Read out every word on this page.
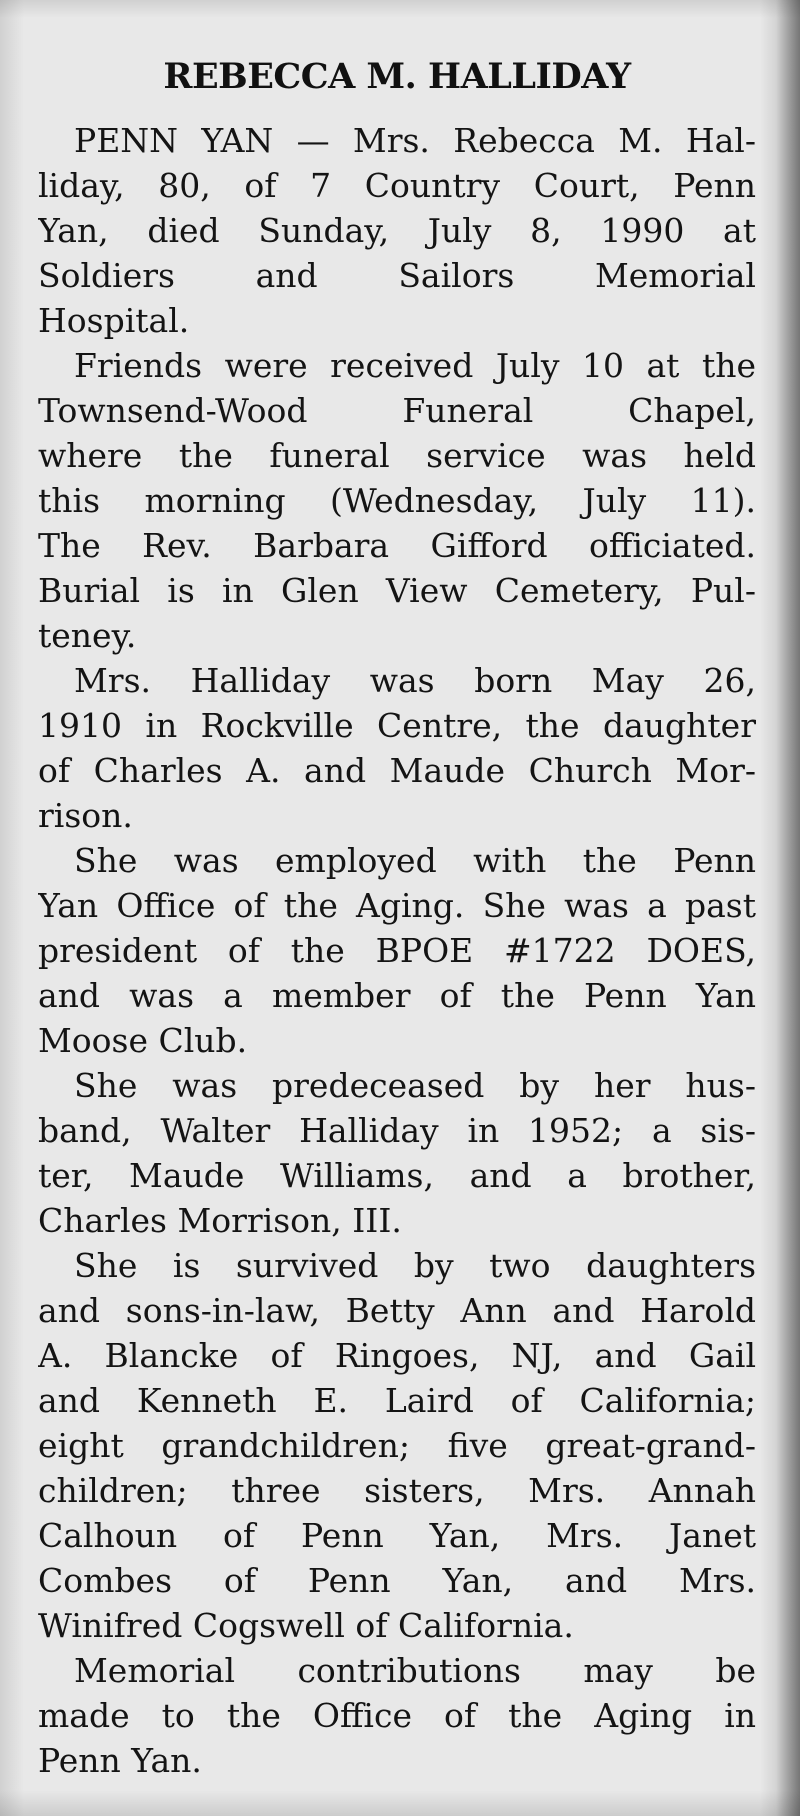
REBECCA M. HALLIDAY

PENN YAN — Mrs. Rebecca M. Hal-
liday, 80, of 7 Country Court, Penn
Yan, died Sunday, July 8, 1990 at
Soldiers and Sailors Memorial
Hospital.

Friends were received July 10 at the
Townsend-Wood Funeral Chapel,
where the funeral service was held
this morning (Wednesday, July 11).
The Rev. Barbara Gifford officiated.
Burial is in Glen View Cemetery, Pul-
teney.

Mrs. Halliday was born May 26,
1910 in Rockville Centre, the daughter
of Charles A. and Maude Church Mor-
rison.

She was employed with the Penn
Yan Office of the Aging. She was a past
president of the BPOE #1722 DOES,
and was a member of the Penn Yan
Moose Club.

She was predeceased by her hus-
band, Walter Halliday in 1952; a sis-
ter, Maude Williams, and a brother,
Charles Morrison, III.

She is survived by two daughters
and sons-in-law, Betty Ann and Harold
A. Blancke of Ringoes, NJ, and Gail
and Kenneth E. Laird of California;
eight grandchildren; five great-grand-
children; three sisters, Mrs. Annah
Calhoun of Penn Yan, Mrs. Janet
Combes of Penn Yan, and Mrs.
Winifred Cogswell of California.

Memorial contributions may be
made to the Office of the Aging in
Penn Yan.
